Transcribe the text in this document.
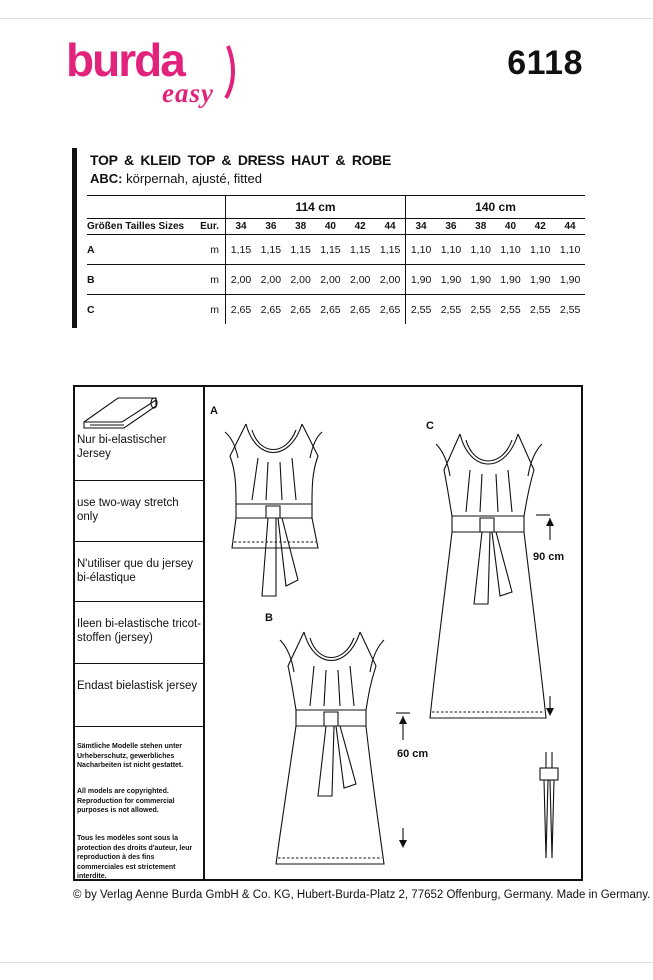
burda
easy
6118
TOP & KLEID TOP & DRESS HAUT & ROBE
ABC: körpernah, ajusté, fitted
		114 cm						140 cm					
Größen Tailles Sizes	Eur.	34	36	38	40	42	44	34	36	38	40	42	44
A	m	1,15	1,15	1,15	1,15	1,15	1,15	1,10	1,10	1,10	1,10	1,10	1,10
B	m	2,00	2,00	2,00	2,00	2,00	2,00	1,90	1,90	1,90	1,90	1,90	1,90
C	m	2,65	2,65	2,65	2,65	2,65	2,65	2,55	2,55	2,55	2,55	2,55	2,55
Nur bi-elastischer Jersey
use two-way stretch only
N'utiliser que du jersey bi-élastique
Ileen bi-elastische tricot-stoffen (jersey)
Endast bielastisk jersey
Sämtliche Modelle stehen unter Urheberschutz, gewerbliches Nacharbeiten ist nicht gestattet.
All models are copyrighted. Reproduction for commercial purposes is not allowed.
Tous les modèles sont sous la protection des droits d'auteur, leur reproduction à des fins commerciales est strictement interdite.
A
C
B
60 cm
90 cm
© by Verlag Aenne Burda GmbH & Co. KG, Hubert-Burda-Platz 2, 77652 Offenburg, Germany. Made in Germany.
